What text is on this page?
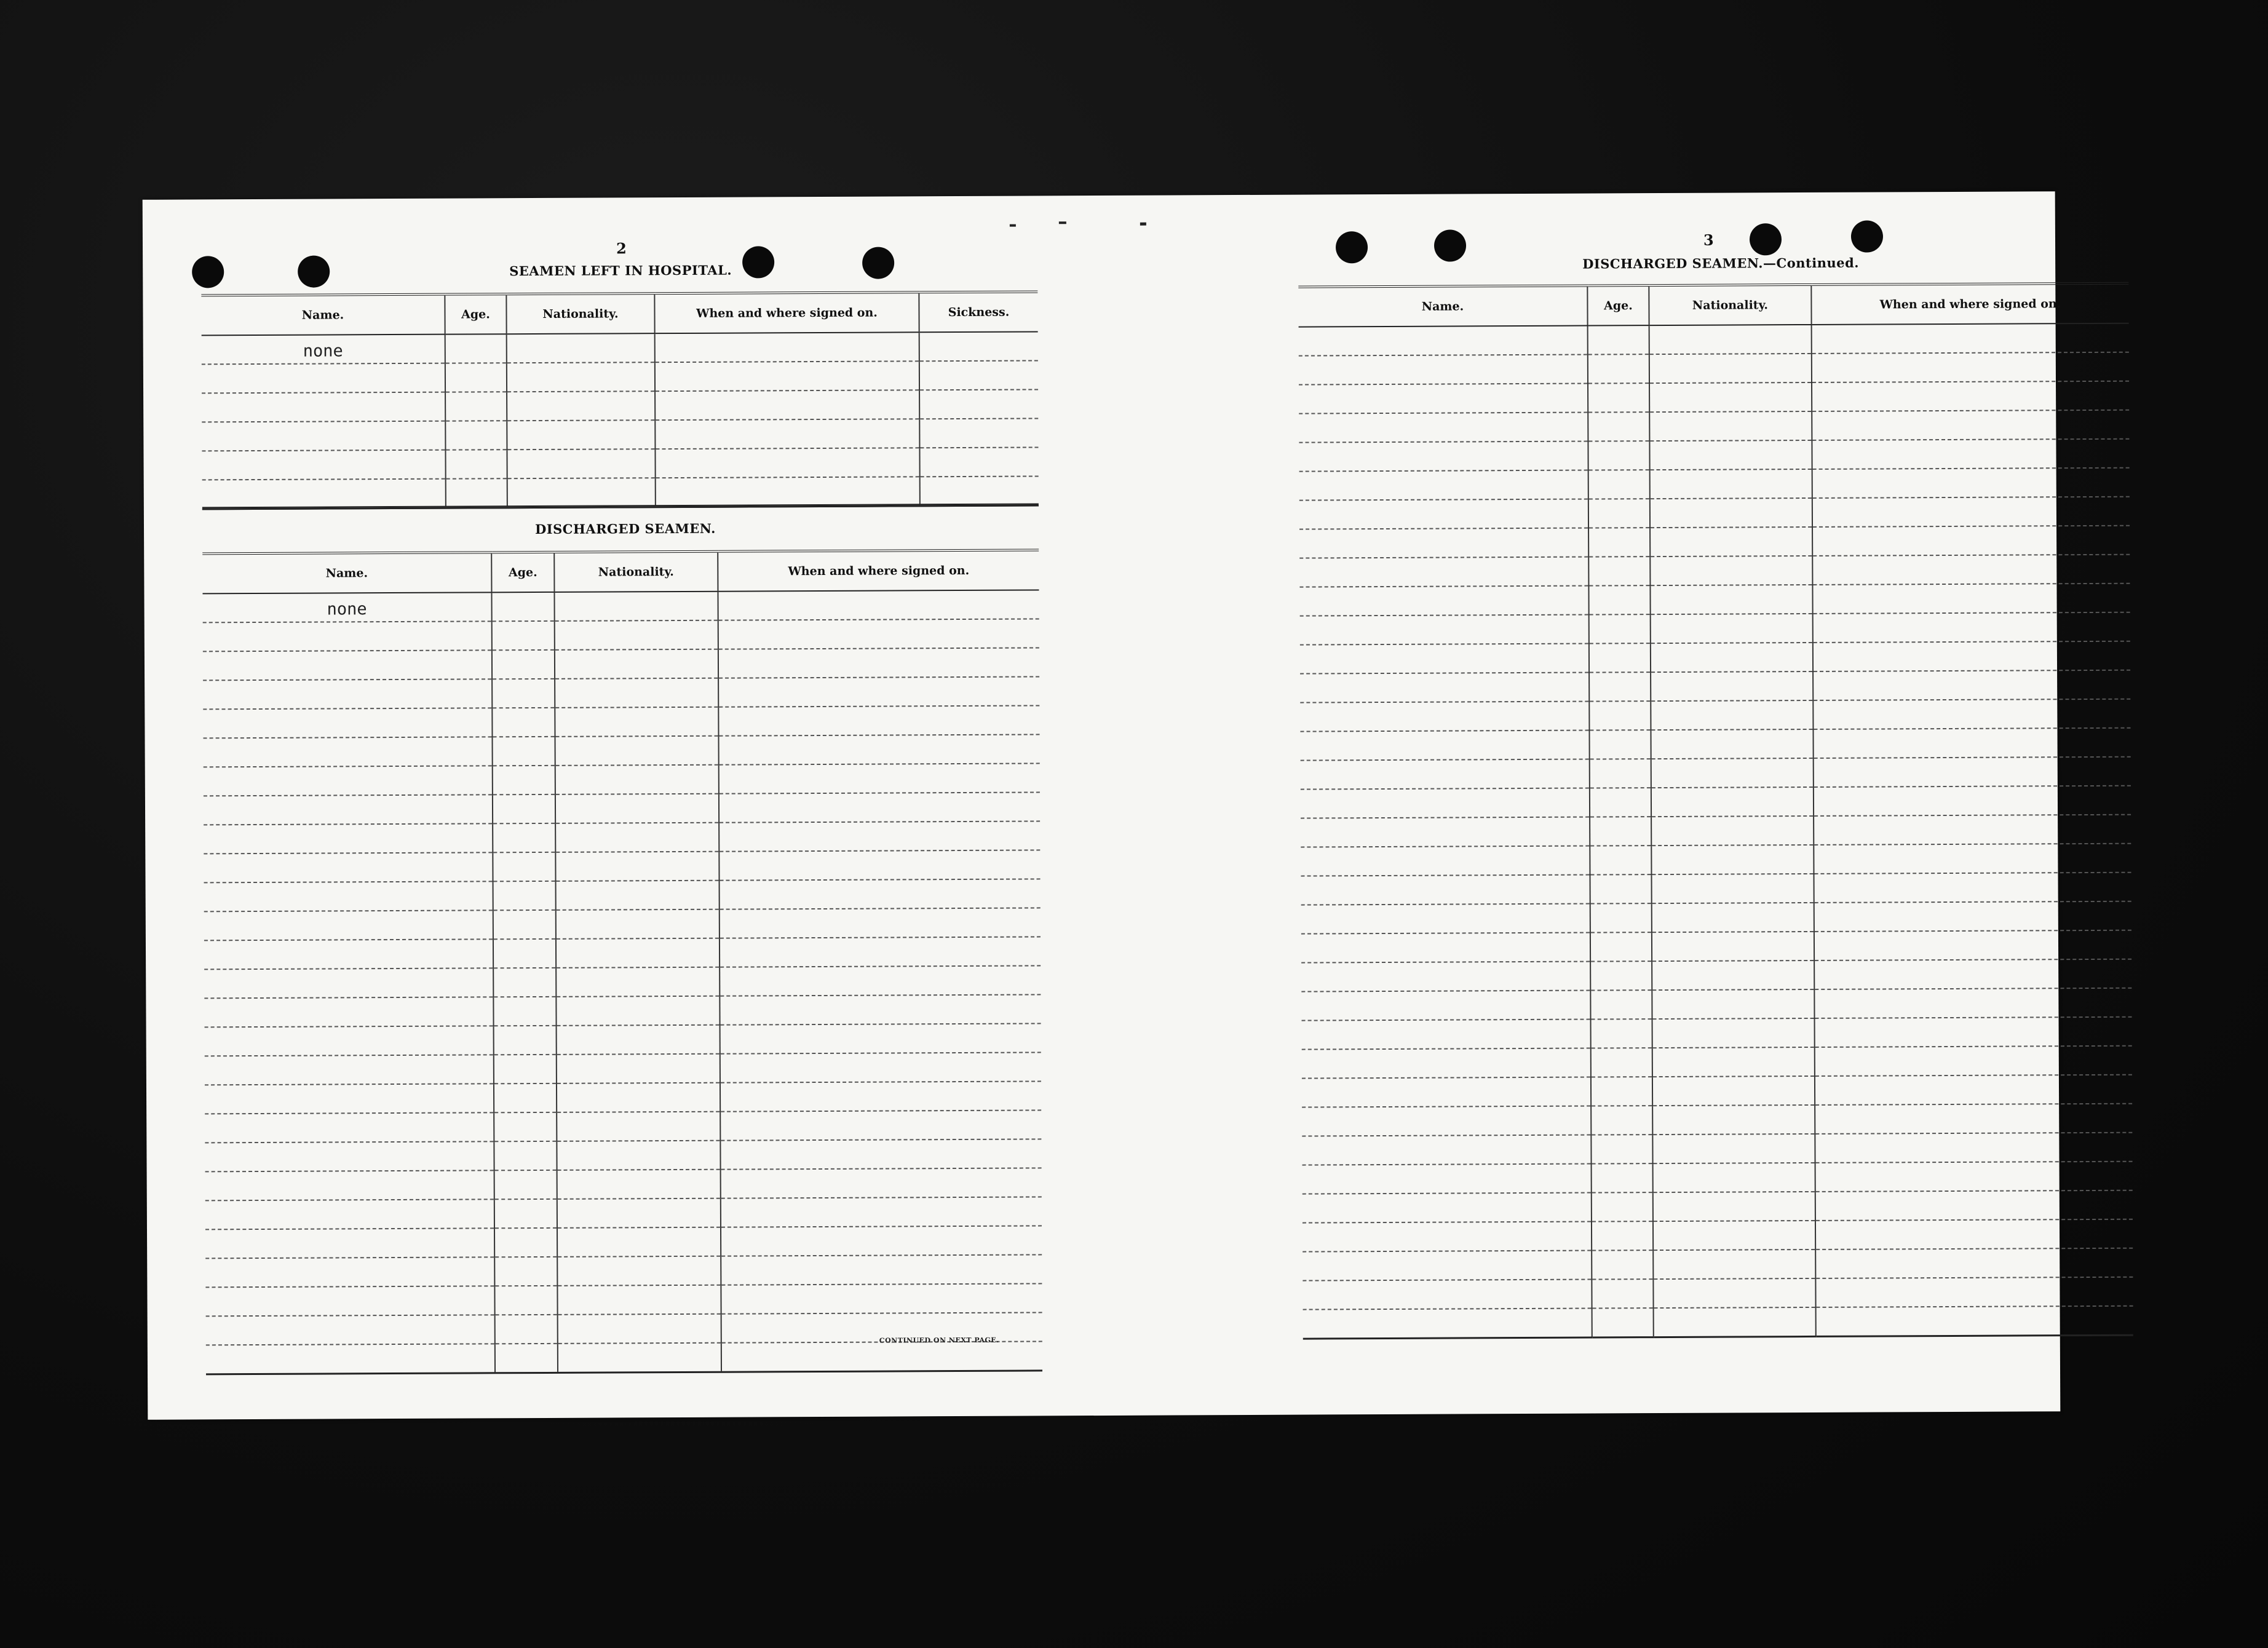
2
SEAMEN LEFT IN HOSPITAL.
Name.	Age.	Nationality.	When and where signed on.	Sickness.

none				

DISCHARGED SEAMEN.
Name.	Age.	Nationality.	When and where signed on.

none			

CONTINUED ON NEXT PAGE.
3
DISCHARGED SEAMEN.—Continued.
Name.	Age.	Nationality.	When and where signed on.
